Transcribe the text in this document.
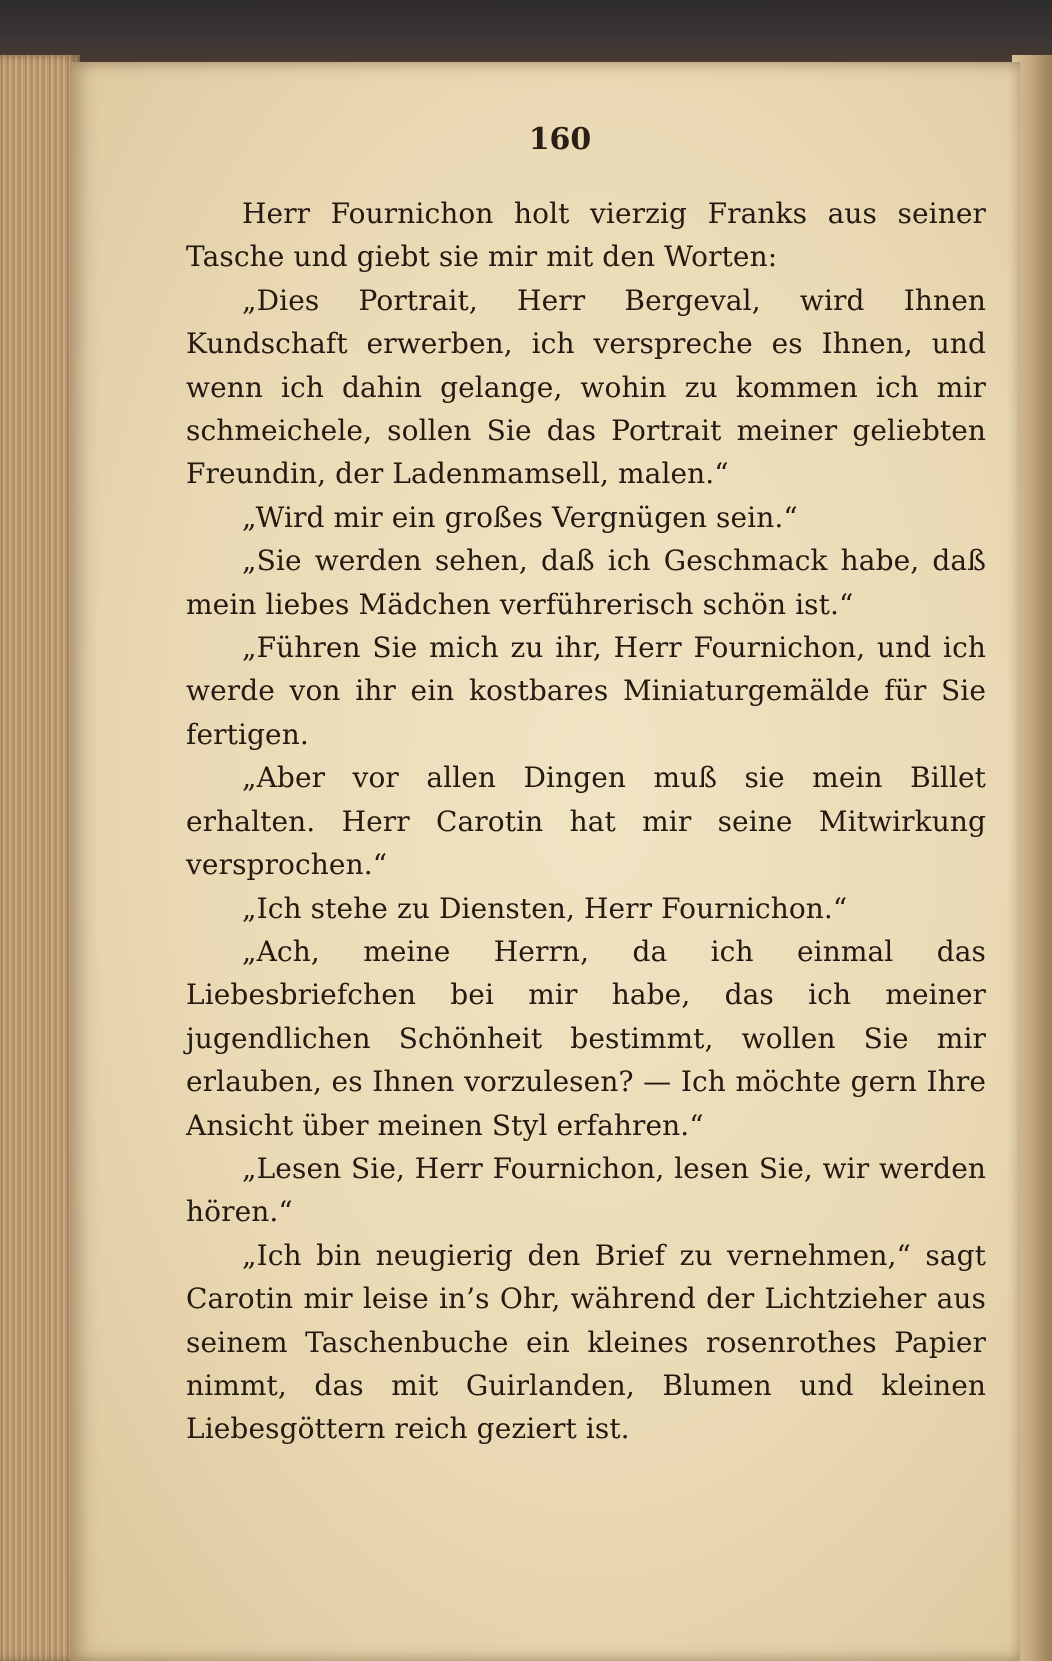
160

Herr Fournichon holt vierzig Franks aus seiner Tasche und giebt sie mir mit den Worten:

„Dies Portrait, Herr Bergeval, wird Ihnen Kundschaft erwerben, ich verspreche es Ihnen, und wenn ich dahin gelange, wohin zu kommen ich mir schmeichele, sollen Sie das Portrait meiner geliebten Freundin, der Ladenmamsell, malen.“

„Wird mir ein großes Vergnügen sein.“

„Sie werden sehen, daß ich Geschmack habe, daß mein liebes Mädchen verführerisch schön ist.“

„Führen Sie mich zu ihr, Herr Fournichon, und ich werde von ihr ein kostbares Miniaturgemälde für Sie fertigen.

„Aber vor allen Dingen muß sie mein Billet erhalten. Herr Carotin hat mir seine Mitwirkung versprochen.“

„Ich stehe zu Diensten, Herr Fournichon.“

„Ach, meine Herrn, da ich einmal das Liebesbriefchen bei mir habe, das ich meiner jugendlichen Schönheit bestimmt, wollen Sie mir erlauben, es Ihnen vorzulesen? — Ich möchte gern Ihre Ansicht über meinen Styl erfahren.“

„Lesen Sie, Herr Fournichon, lesen Sie, wir werden hören.“

„Ich bin neugierig den Brief zu vernehmen,“ sagt Carotin mir leise in’s Ohr, während der Lichtzieher aus seinem Taschenbuche ein kleines rosenrothes Papier nimmt, das mit Guirlanden, Blumen und kleinen Liebesgöttern reich geziert ist.
